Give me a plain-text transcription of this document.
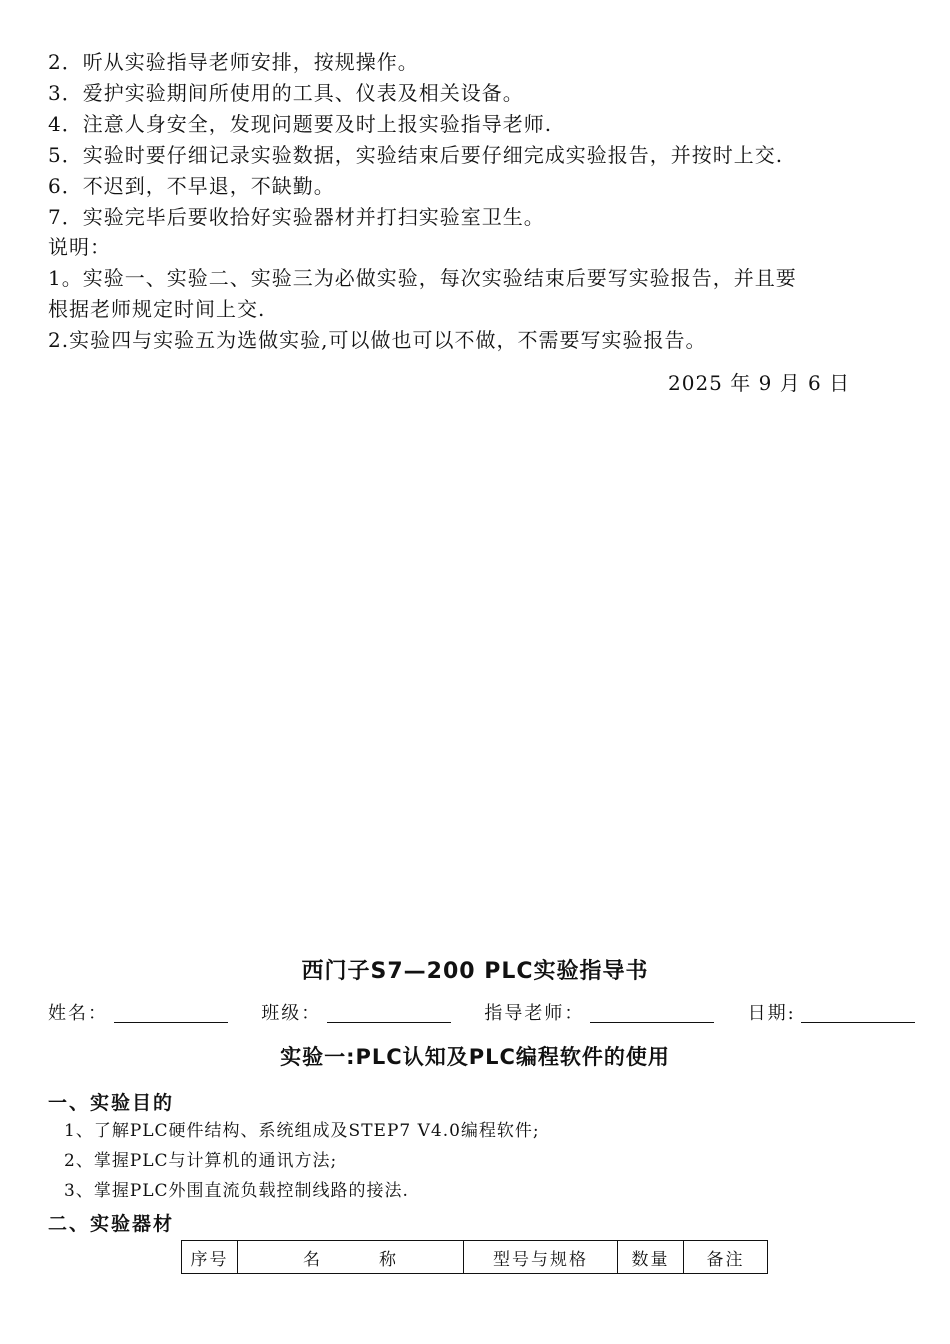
2．听从实验指导老师安排，按规操作。
3．爱护实验期间所使用的工具、仪表及相关设备。
4．注意人身安全，发现问题要及时上报实验指导老师.
5．实验时要仔细记录实验数据，实验结束后要仔细完成实验报告，并按时上交.
6．不迟到，不早退，不缺勤。
7．实验完毕后要收拾好实验器材并打扫实验室卫生。
说明：
1。实验一、实验二、实验三为必做实验，每次实验结束后要写实验报告，并且要
根据老师规定时间上交.
2.实验四与实验五为选做实验,可以做也可以不做，不需要写实验报告。
2025 年 9 月 6 日
西门子S7—200 PLC实验指导书
姓名：	班级：	指导老师：	日期:
实验一:PLC认知及PLC编程软件的使用
一、实验目的
1、了解PLC硬件结构、系统组成及STEP7 V4.0编程软件;
2、掌握PLC与计算机的通讯方法;
3、掌握PLC外围直流负载控制线路的接法.
二、实验器材
序号	名　　　称	型号与规格	数量	备注
